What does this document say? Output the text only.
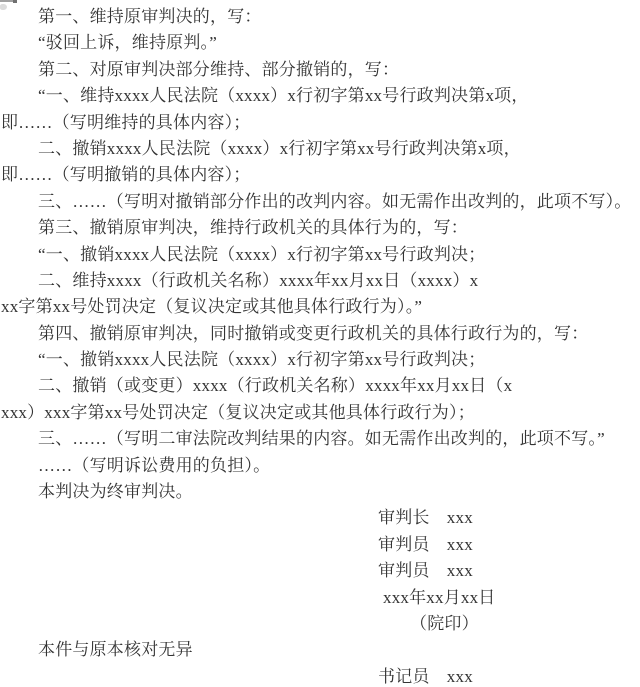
第一、维持原审判决的，写：
“驳回上诉，维持原判。”
第二、对原审判决部分维持、部分撤销的，写：
“一、维持xxxx人民法院（xxxx）x行初字第xx号行政判决第x项，
即……（写明维持的具体内容）；
二、撤销xxxx人民法院（xxxx）x行初字第xx号行政判决第x项，
即……（写明撤销的具体内容）；
三、……（写明对撤销部分作出的改判内容。如无需作出改判的，此项不写）。
第三、撤销原审判决，维持行政机关的具体行为的，写：
“一、撤销xxxx人民法院（xxxx）x行初字第xx号行政判决；
二、维持xxxx（行政机关名称）xxxx年xx月xx日（xxxx）x
xx字第xx号处罚决定（复议决定或其他具体行政行为）。”
第四、撤销原审判决，同时撤销或变更行政机关的具体行政行为的，写：
“一、撤销xxxx人民法院（xxxx）x行初字第xx号行政判决；
二、撤销（或变更）xxxx（行政机关名称）xxxx年xx月xx日（x
xxx）xxx字第xx号处罚决定（复议决定或其他具体行政行为）；
三、……（写明二审法院改判结果的内容。如无需作出改判的，此项不写。”
……（写明诉讼费用的负担）。
本判决为终审判决。
审判长　xxx
审判员　xxx
审判员　xxx
xxx年xx月xx日
（院印）
本件与原本核对无异
书记员　xxx
